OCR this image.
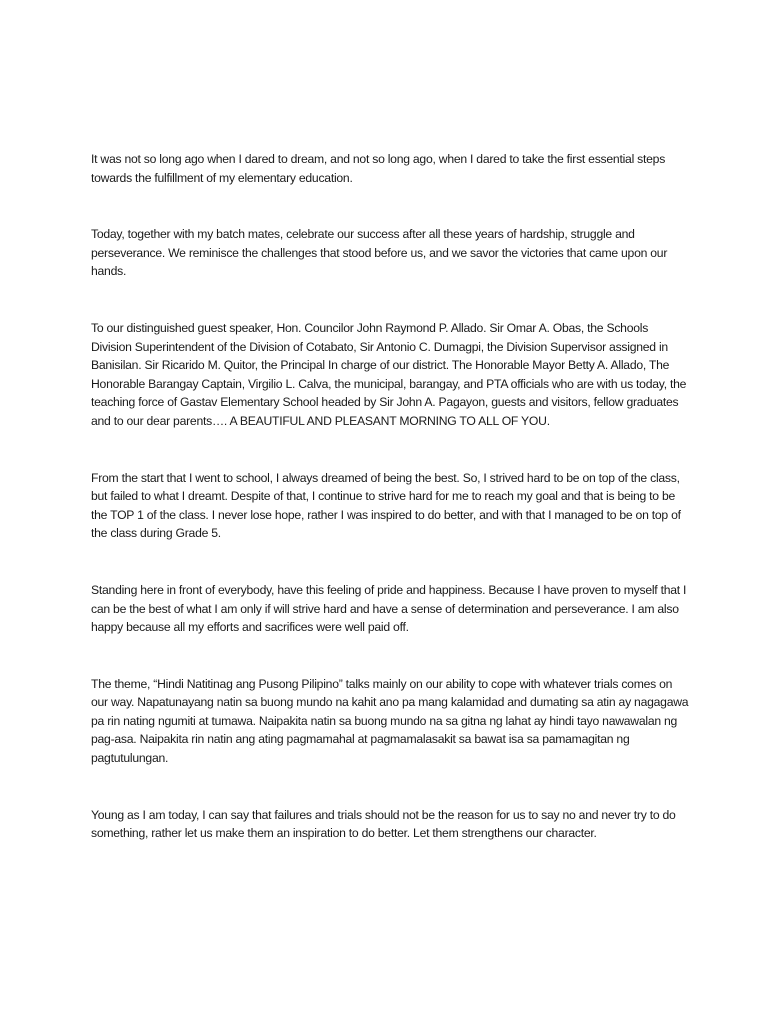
It was not so long ago when I dared to dream, and not so long ago, when I dared to take the first essential steps towards the fulfillment of my elementary education.

Today, together with my batch mates, celebrate our success after all these years of hardship, struggle and perseverance. We reminisce the challenges that stood before us, and we savor the victories that came upon our hands.

To our distinguished guest speaker, Hon. Councilor John Raymond P. Allado. Sir Omar A. Obas, the Schools Division Superintendent of the Division of Cotabato, Sir Antonio C. Dumagpi, the Division Supervisor assigned in Banisilan. Sir Ricarido M. Quitor, the Principal In charge of our district. The Honorable Mayor Betty A. Allado, The Honorable Barangay Captain, Virgilio L. Calva, the municipal, barangay, and PTA officials who are with us today, the teaching force of Gastav Elementary School headed by Sir John A. Pagayon, guests and visitors, fellow graduates and to our dear parents…. A BEAUTIFUL AND PLEASANT MORNING TO ALL OF YOU.

From the start that I went to school, I always dreamed of being the best. So, I strived hard to be on top of the class, but failed to what I dreamt. Despite of that, I continue to strive hard for me to reach my goal and that is being to be the TOP 1 of the class. I never lose hope, rather I was inspired to do better, and with that I managed to be on top of the class during Grade 5.

Standing here in front of everybody, have this feeling of pride and happiness. Because I have proven to myself that I can be the best of what I am only if will strive hard and have a sense of determination and perseverance. I am also happy because all my efforts and sacrifices were well paid off.

The theme, “Hindi Natitinag ang Pusong Pilipino” talks mainly on our ability to cope with whatever trials comes on our way. Napatunayang natin sa buong mundo na kahit ano pa mang kalamidad and dumating sa atin ay nagagawa pa rin nating ngumiti at tumawa. Naipakita natin sa buong mundo na sa gitna ng lahat ay hindi tayo nawawalan ng pag-asa. Naipakita rin natin ang ating pagmamahal at pagmamalasakit sa bawat isa sa pamamagitan ng pagtutulungan.

Young as I am today, I can say that failures and trials should not be the reason for us to say no and never try to do something, rather let us make them an inspiration to do better. Let them strengthens our character.
